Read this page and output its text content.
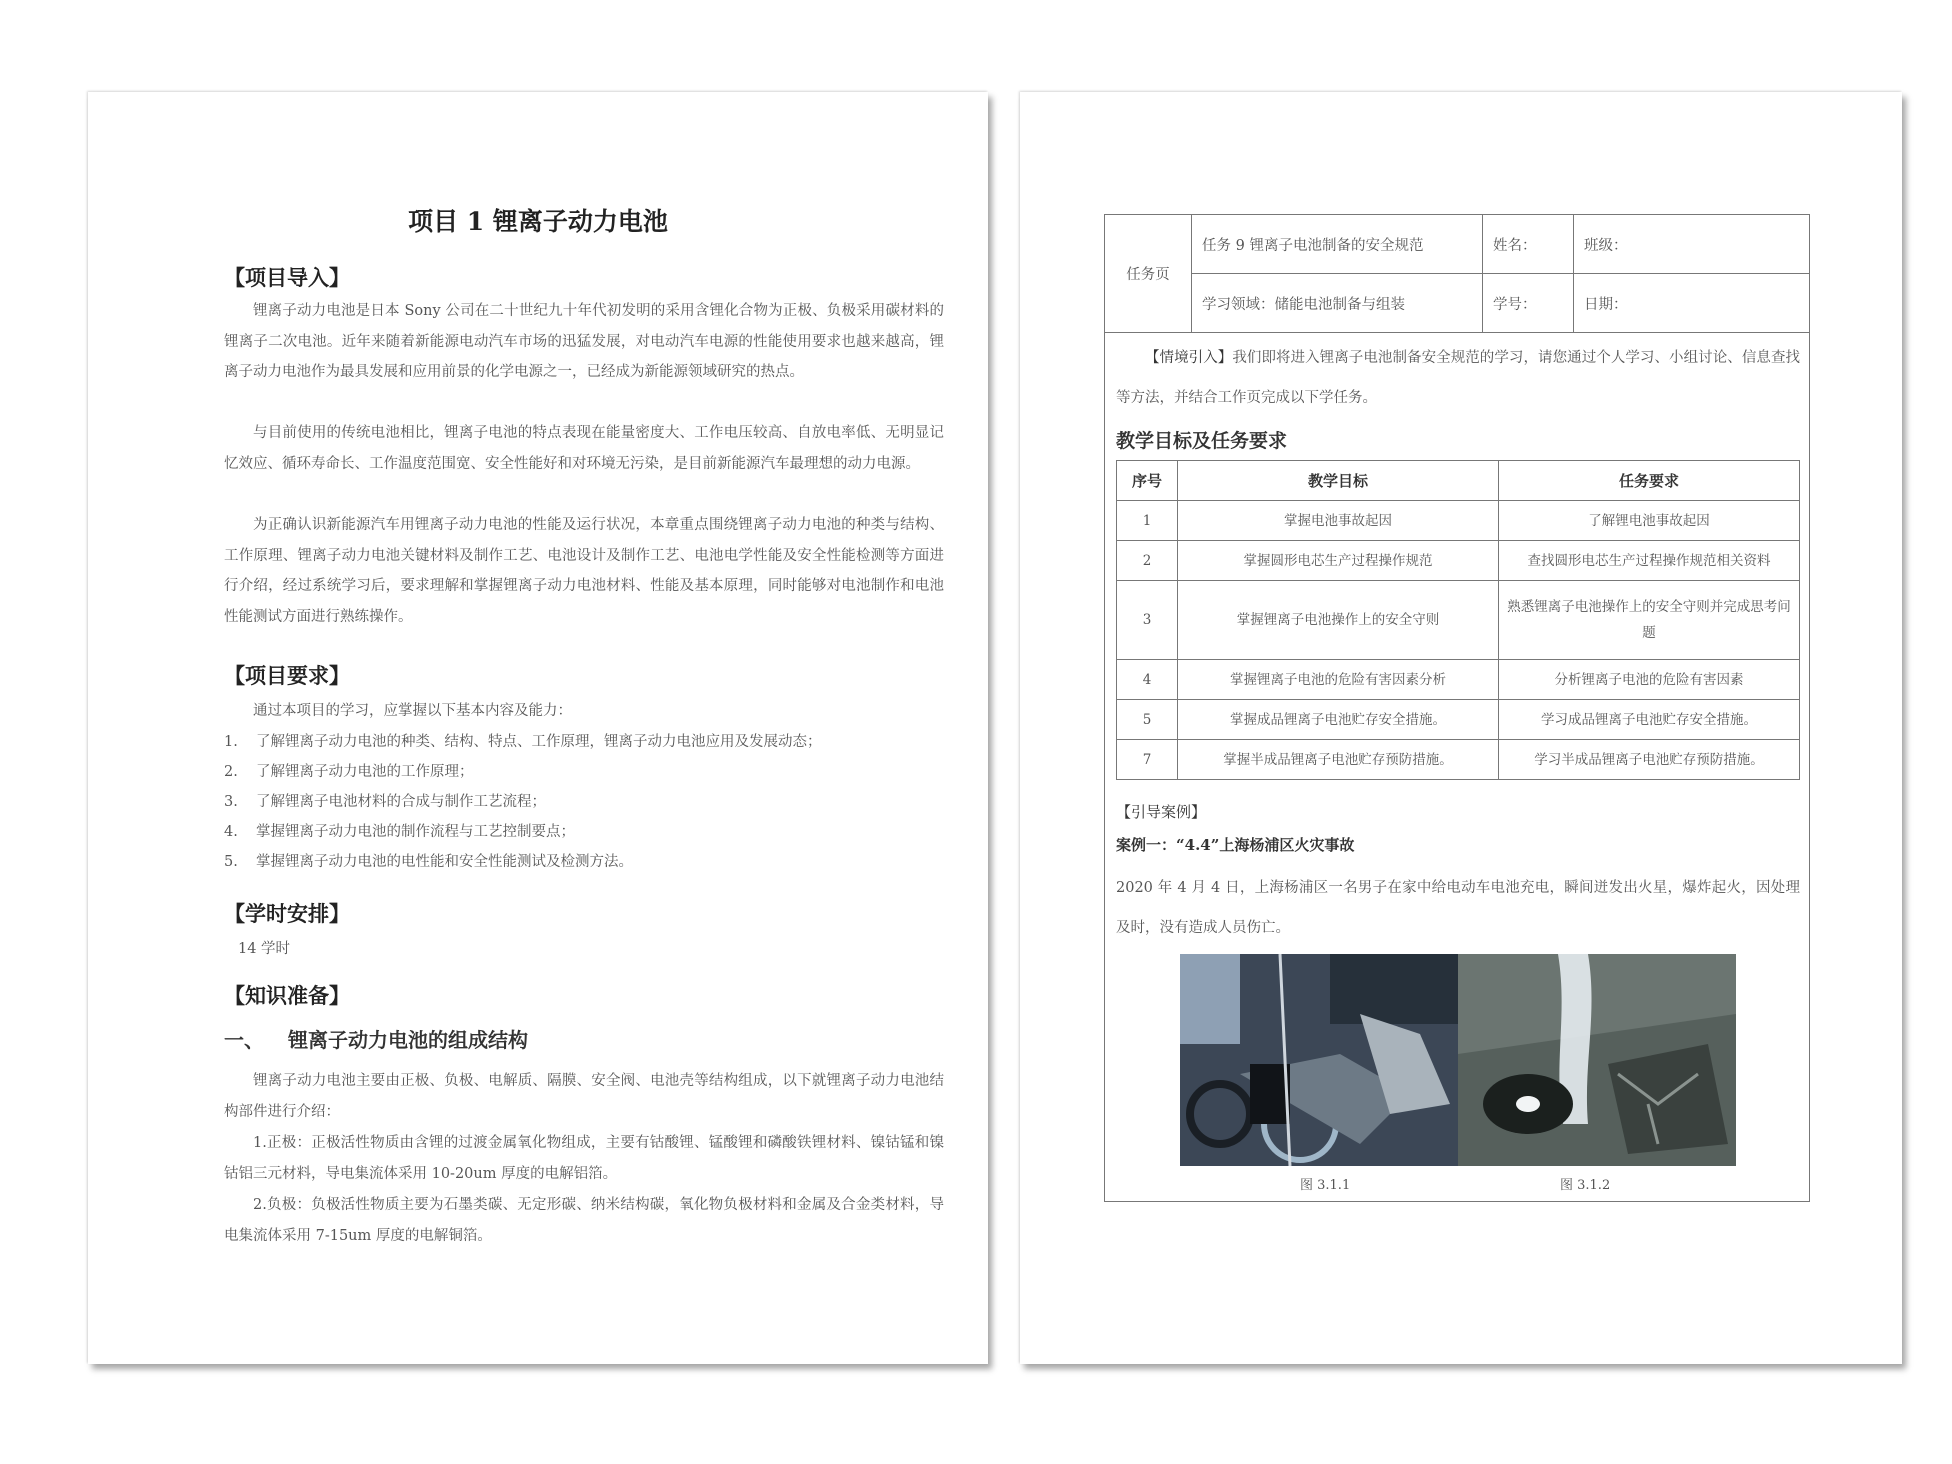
项目 1 锂离子动力电池
【项目导入】
锂离子动力电池是日本 Sony 公司在二十世纪九十年代初发明的采用含锂化合物为正极、负极采用碳材料的锂离子二次电池。近年来随着新能源电动汽车市场的迅猛发展，对电动汽车电源的性能使用要求也越来越高，锂离子动力电池作为最具发展和应用前景的化学电源之一，已经成为新能源领域研究的热点。
与目前使用的传统电池相比，锂离子电池的特点表现在能量密度大、工作电压较高、自放电率低、无明显记忆效应、循环寿命长、工作温度范围宽、安全性能好和对环境无污染，是目前新能源汽车最理想的动力电源。
为正确认识新能源汽车用锂离子动力电池的性能及运行状况，本章重点围绕锂离子动力电池的种类与结构、工作原理、锂离子动力电池关键材料及制作工艺、电池设计及制作工艺、电池电学性能及安全性能检测等方面进行介绍，经过系统学习后，要求理解和掌握锂离子动力电池材料、性能及基本原理，同时能够对电池制作和电池性能测试方面进行熟练操作。
【项目要求】
通过本项目的学习，应掌握以下基本内容及能力：
1. 了解锂离子动力电池的种类、结构、特点、工作原理，锂离子动力电池应用及发展动态；
2. 了解锂离子动力电池的工作原理；
3. 了解锂离子电池材料的合成与制作工艺流程；
4. 掌握锂离子动力电池的制作流程与工艺控制要点；
5. 掌握锂离子动力电池的电性能和安全性能测试及检测方法。
【学时安排】
14 学时
【知识准备】
一、 锂离子动力电池的组成结构
锂离子动力电池主要由正极、负极、电解质、隔膜、安全阀、电池壳等结构组成，以下就锂离子动力电池结构部件进行介绍：
1.正极：正极活性物质由含锂的过渡金属氧化物组成，主要有钴酸锂、锰酸锂和磷酸铁锂材料、镍钴锰和镍钴铝三元材料，导电集流体采用 10-20um 厚度的电解铝箔。
2.负极：负极活性物质主要为石墨类碳、无定形碳、纳米结构碳，氧化物负极材料和金属及合金类材料，导电集流体采用 7-15um 厚度的电解铜箔。
任务页	任务 9 锂离子电池制备的安全规范	姓名：	班级：
	学习领域：储能电池制备与组装	学号：	日期：
【情境引入】我们即将进入锂离子电池制备安全规范的学习，请您通过个人学习、小组讨论、信息查找等方法，并结合工作页完成以下学任务。
教学目标及任务要求
序号	教学目标	任务要求
1	掌握电池事故起因	了解锂电池事故起因
2	掌握圆形电芯生产过程操作规范	查找圆形电芯生产过程操作规范相关资料
3	掌握锂离子电池操作上的安全守则	熟悉锂离子电池操作上的安全守则并完成思考问题
4	掌握锂离子电池的危险有害因素分析	分析锂离子电池的危险有害因素
5	掌握成品锂离子电池贮存安全措施。	学习成品锂离子电池贮存安全措施。
7	掌握半成品锂离子电池贮存预防措施。	学习半成品锂离子电池贮存预防措施。
【引导案例】
案例一：“4.4”上海杨浦区火灾事故
2020 年 4 月 4 日，上海杨浦区一名男子在家中给电动车电池充电，瞬间迸发出火星，爆炸起火，因处理及时，没有造成人员伤亡。
图 3.1.1	图 3.1.2
